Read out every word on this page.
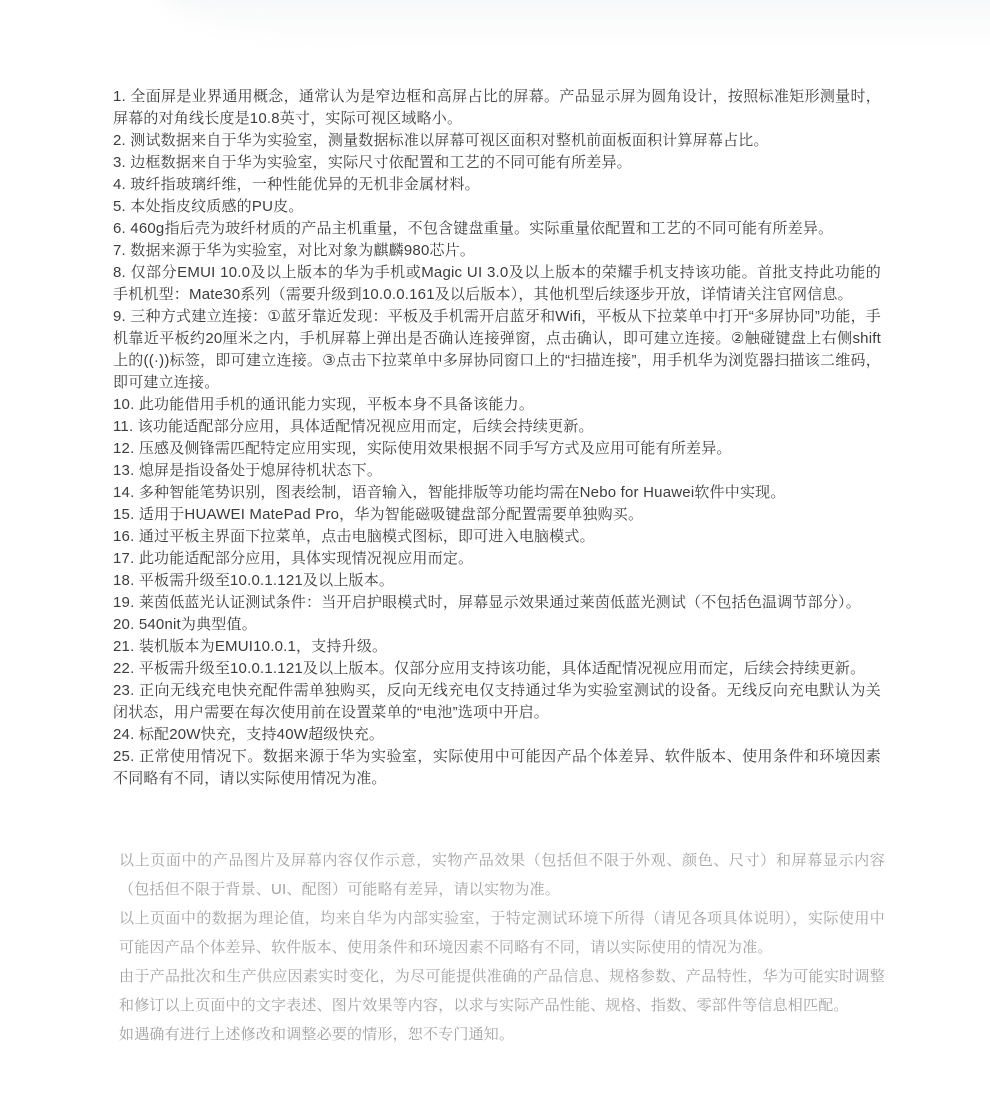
1. 全面屏是业界通用概念，通常认为是窄边框和高屏占比的屏幕。产品显示屏为圆角设计，按照标准矩形测量时，屏幕的对角线长度是10.8英寸，实际可视区域略小。

2. 测试数据来自于华为实验室，测量数据标准以屏幕可视区面积对整机前面板面积计算屏幕占比。

3. 边框数据来自于华为实验室，实际尺寸依配置和工艺的不同可能有所差异。

4. 玻纤指玻璃纤维，一种性能优异的无机非金属材料。

5. 本处指皮纹质感的PU皮。

6. 460g指后壳为玻纤材质的产品主机重量，不包含键盘重量。实际重量依配置和工艺的不同可能有所差异。

7. 数据来源于华为实验室，对比对象为麒麟980芯片。

8. 仅部分EMUI 10.0及以上版本的华为手机或Magic UI 3.0及以上版本的荣耀手机支持该功能。首批支持此功能的手机机型：Mate30系列（需要升级到10.0.0.161及以后版本），其他机型后续逐步开放，详情请关注官网信息。

9. 三种方式建立连接：①蓝牙靠近发现：平板及手机需开启蓝牙和Wifi，平板从下拉菜单中打开“多屏协同”功能，手机靠近平板约20厘米之内，手机屏幕上弹出是否确认连接弹窗，点击确认，即可建立连接。②触碰键盘上右侧shift上的((·))标签，即可建立连接。③点击下拉菜单中多屏协同窗口上的“扫描连接”，用手机华为浏览器扫描该二维码，即可建立连接。

10. 此功能借用手机的通讯能力实现，平板本身不具备该能力。

11. 该功能适配部分应用，具体适配情况视应用而定，后续会持续更新。

12. 压感及侧锋需匹配特定应用实现，实际使用效果根据不同手写方式及应用可能有所差异。

13. 熄屏是指设备处于熄屏待机状态下。

14. 多种智能笔势识别，图表绘制，语音输入，智能排版等功能均需在Nebo for Huawei软件中实现。

15. 适用于HUAWEI MatePad Pro，华为智能磁吸键盘部分配置需要单独购买。

16. 通过平板主界面下拉菜单，点击电脑模式图标，即可进入电脑模式。

17. 此功能适配部分应用，具体实现情况视应用而定。

18. 平板需升级至10.0.1.121及以上版本。

19. 莱茵低蓝光认证测试条件：当开启护眼模式时，屏幕显示效果通过莱茵低蓝光测试（不包括色温调节部分）。

20. 540nit为典型值。

21. 装机版本为EMUI10.0.1，支持升级。

22. 平板需升级至10.0.1.121及以上版本。仅部分应用支持该功能，具体适配情况视应用而定，后续会持续更新。

23. 正向无线充电快充配件需单独购买，反向无线充电仅支持通过华为实验室测试的设备。无线反向充电默认为关闭状态，用户需要在每次使用前在设置菜单的“电池”选项中开启。

24. 标配20W快充，支持40W超级快充。

25. 正常使用情况下。数据来源于华为实验室，实际使用中可能因产品个体差异、软件版本、使用条件和环境因素不同略有不同，请以实际使用情况为准。

以上页面中的产品图片及屏幕内容仅作示意，实物产品效果（包括但不限于外观、颜色、尺寸）和屏幕显示内容（包括但不限于背景、UI、配图）可能略有差异，请以实物为准。

以上页面中的数据为理论值，均来自华为内部实验室，于特定测试环境下所得（请见各项具体说明），实际使用中可能因产品个体差异、软件版本、使用条件和环境因素不同略有不同，请以实际使用的情况为准。

由于产品批次和生产供应因素实时变化，为尽可能提供准确的产品信息、规格参数、产品特性，华为可能实时调整和修订以上页面中的文字表述、图片效果等内容，以求与实际产品性能、规格、指数、零部件等信息相匹配。

如遇确有进行上述修改和调整必要的情形，恕不专门通知。
